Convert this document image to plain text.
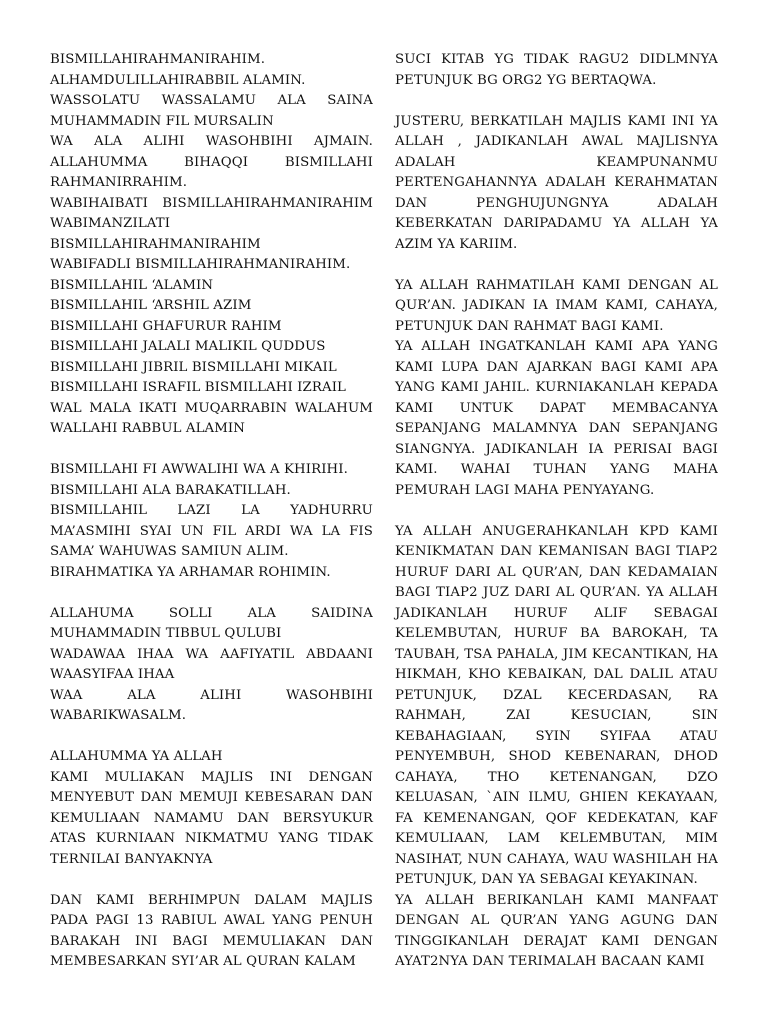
BISMILLAHIRAHMANIRAHIM.

ALHAMDULILLAHIRABBIL ALAMIN.

WASSOLATU WASSALAMU ALA SAINA MUHAMMADIN FIL MURSALIN

WA ALA ALIHI WASOHBIHI AJMAIN. ALLAHUMMA BIHAQQI BISMILLAHI RAHMANIRRAHIM.

WABIHAIBATI BISMILLAHIRAHMANIRAHIM WABIMANZILATI BISMILLAHIRAHMANIRAHIM

WABIFADLI BISMILLAHIRAHMANIRAHIM.

BISMILLAHIL ‘ALAMIN

BISMILLAHIL ‘ARSHIL AZIM

BISMILLAHI GHAFURUR RAHIM

BISMILLAHI JALALI MALIKIL QUDDUS

BISMILLAHI JIBRIL BISMILLAHI MIKAIL

BISMILLAHI ISRAFIL BISMILLAHI IZRAIL

WAL MALA IKATI MUQARRABIN WALAHUM WALLAHI RABBUL ALAMIN

BISMILLAHI FI AWWALIHI WA A KHIRIHI.

BISMILLAHI ALA BARAKATILLAH.

BISMILLAHIL LAZI LA YADHURRU MA’ASMIHI SYAI UN FIL ARDI WA LA FIS SAMA’ WAHUWAS SAMIUN ALIM.

BIRAHMATIKA YA ARHAMAR ROHIMIN.

ALLAHUMA SOLLI ALA SAIDINA MUHAMMADIN TIBBUL QULUBI

WADAWAA IHAA WA AAFIYATIL ABDAANI WAASYIFAA IHAA

WAA ALA ALIHI WASOHBIHI WABARIKWASALM.

ALLAHUMMA YA ALLAH

KAMI MULIAKAN MAJLIS INI DENGAN MENYEBUT DAN MEMUJI KEBESARAN DAN KEMULIAAN NAMAMU DAN BERSYUKUR ATAS KURNIAAN NIKMATMU YANG TIDAK TERNILAI BANYAKNYA

DAN KAMI BERHIMPUN DALAM MAJLIS PADA PAGI 13 RABIUL AWAL YANG PENUH BARAKAH INI BAGI MEMULIAKAN DAN MEMBESARKAN SYI’AR AL QURAN KALAM

SUCI KITAB YG TIDAK RAGU2 DIDLMNYA PETUNJUK BG ORG2 YG BERTAQWA.

JUSTERU, BERKATILAH MAJLIS KAMI INI YA ALLAH , JADIKANLAH AWAL MAJLISNYA ADALAH KEAMPUNANMU PERTENGAHANNYA ADALAH KERAHMATAN DAN PENGHUJUNGNYA ADALAH KEBERKATAN DARIPADAMU YA ALLAH YA AZIM YA KARIIM.

YA ALLAH RAHMATILAH KAMI DENGAN AL QUR’AN. JADIKAN IA IMAM KAMI, CAHAYA, PETUNJUK DAN RAHMAT BAGI KAMI.

YA ALLAH INGATKANLAH KAMI APA YANG KAMI LUPA DAN AJARKAN BAGI KAMI APA YANG KAMI JAHIL. KURNIAKANLAH KEPADA KAMI UNTUK DAPAT MEMBACANYA SEPANJANG MALAMNYA DAN SEPANJANG SIANGNYA. JADIKANLAH IA PERISAI BAGI KAMI. WAHAI TUHAN YANG MAHA PEMURAH LAGI MAHA PENYAYANG.

YA ALLAH ANUGERAHKANLAH KPD KAMI KENIKMATAN DAN KEMANISAN BAGI TIAP2 HURUF DARI AL QUR’AN, DAN KEDAMAIAN BAGI TIAP2 JUZ DARI AL QUR’AN. YA ALLAH JADIKANLAH HURUF ALIF SEBAGAI KELEMBUTAN, HURUF BA BAROKAH, TA TAUBAH, TSA PAHALA, JIM KECANTIKAN, HA HIKMAH, KHO KEBAIKAN, DAL DALIL ATAU PETUNJUK, DZAL KECERDASAN, RA RAHMAH, ZAI KESUCIAN, SIN KEBAHAGIAAN, SYIN SYIFAA ATAU PENYEMBUH, SHOD KEBENARAN, DHOD CAHAYA, THO KETENANGAN, DZO KELUASAN, `AIN ILMU, GHIEN KEKAYAAN, FA KEMENANGAN, QOF KEDEKATAN, KAF KEMULIAAN, LAM KELEMBUTAN, MIM NASIHAT, NUN CAHAYA, WAU WASHILAH HA PETUNJUK, DAN YA SEBAGAI KEYAKINAN.

YA ALLAH BERIKANLAH KAMI MANFAAT DENGAN AL QUR’AN YANG AGUNG DAN TINGGIKANLAH DERAJAT KAMI DENGAN AYAT2NYA DAN TERIMALAH BACAAN KAMI
